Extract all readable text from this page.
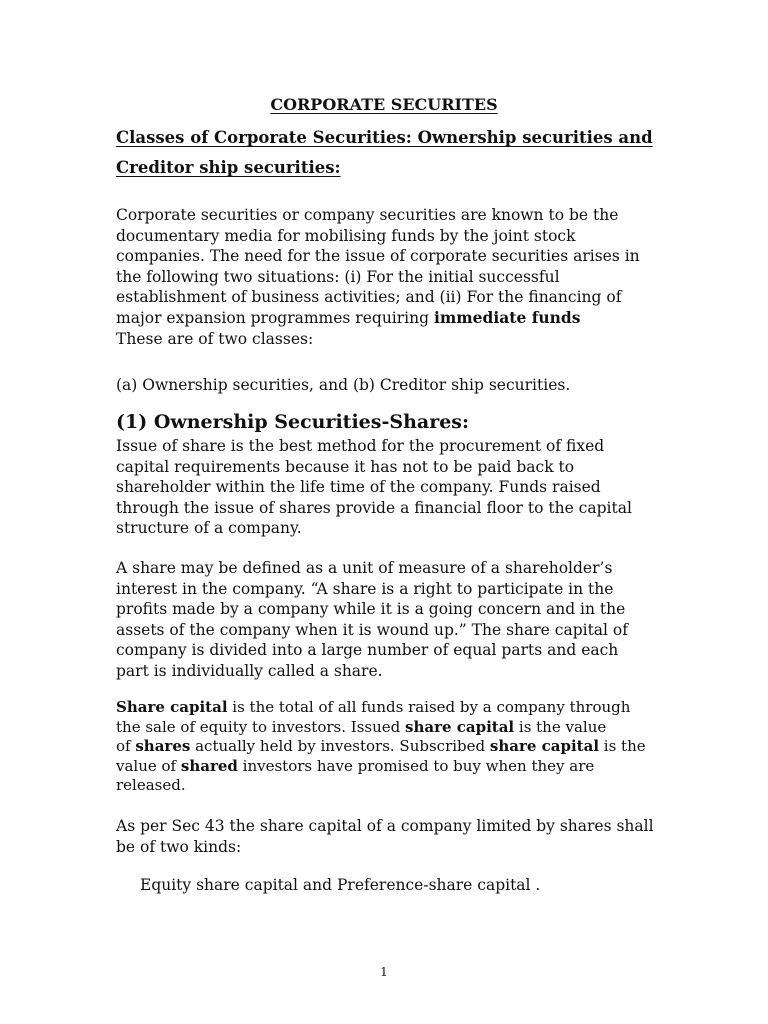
CORPORATE SECURITES
Classes of Corporate Securities: Ownership securities and
Creditor ship securities:

Corporate securities or company securities are known to be the
documentary media for mobilising funds by the joint stock
companies. The need for the issue of corporate securities arises in
the following two situations: (i) For the initial successful
establishment of business activities; and (ii) For the financing of
major expansion programmes requiring immediate funds
These are of two classes:

(a) Ownership securities, and (b) Creditor ship securities.

(1) Ownership Securities-Shares:

Issue of share is the best method for the procurement of fixed
capital requirements because it has not to be paid back to
shareholder within the life time of the company. Funds raised
through the issue of shares provide a financial floor to the capital
structure of a company.

A share may be defined as a unit of measure of a shareholder’s
interest in the company. “A share is a right to participate in the
profits made by a company while it is a going concern and in the
assets of the company when it is wound up.” The share capital of
company is divided into a large number of equal parts and each
part is individually called a share.

Share capital is the total of all funds raised by a company through
the sale of equity to investors. Issued share capital is the value
of shares actually held by investors. Subscribed share capital is the
value of shared investors have promised to buy when they are
released.

As per Sec 43 the share capital of a company limited by shares shall
be of two kinds:

Equity share capital and Preference-share capital .

1
